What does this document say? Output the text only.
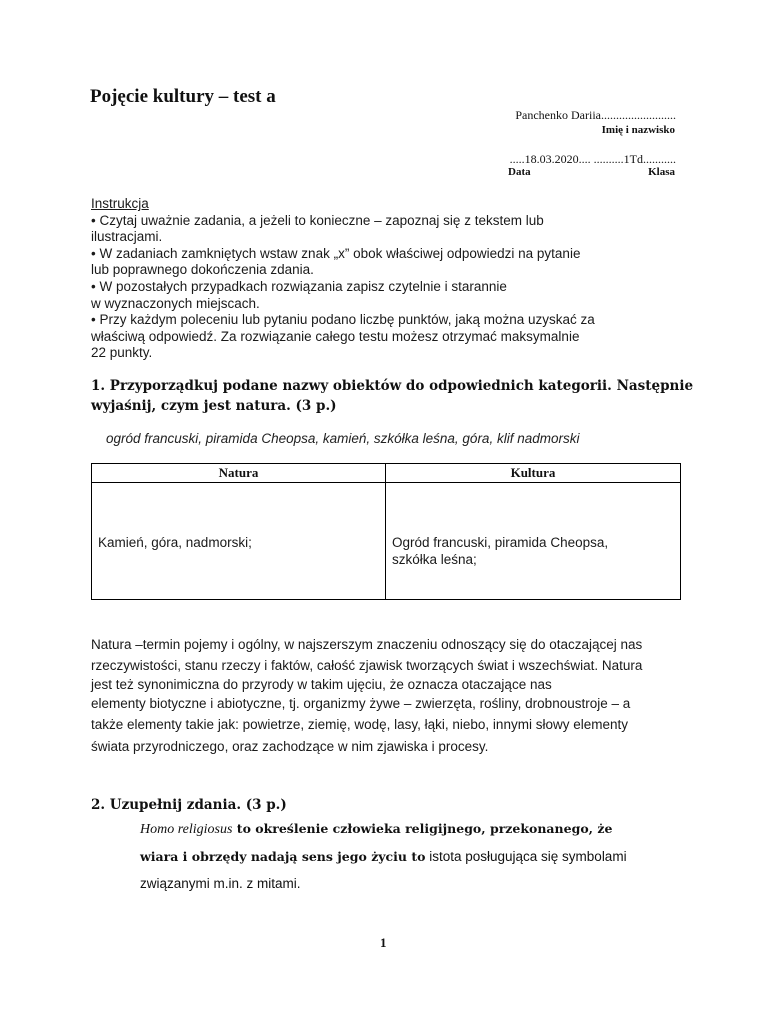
Pojęcie kultury – test a
Panchenko Dariia.........................
Imię i nazwisko
.....18.03.2020.... ..........1Td...........
Data	Klasa
Instrukcja
• Czytaj uważnie zadania, a jeżeli to konieczne – zapoznaj się z tekstem lub
ilustracjami.
• W zadaniach zamkniętych wstaw znak „x” obok właściwej odpowiedzi na pytanie
lub poprawnego dokończenia zdania.
• W pozostałych przypadkach rozwiązania zapisz czytelnie i starannie
w wyznaczonych miejscach.
• Przy każdym poleceniu lub pytaniu podano liczbę punktów, jaką można uzyskać za
właściwą odpowiedź. Za rozwiązanie całego testu możesz otrzymać maksymalnie
22 punkty.
1. Przyporządkuj podane nazwy obiektów do odpowiednich kategorii. Następnie
wyjaśnij, czym jest natura. (3 p.)
ogród francuski, piramida Cheopsa, kamień, szkółka leśna, góra, klif nadmorski
Natura	Kultura

Kamień, góra, nadmorski;	Ogród francuski, piramida Cheopsa,
szkółka leśna;
Natura –termin pojemy i ogólny, w najszerszym znaczeniu odnoszący się do otaczającej nas
rzeczywistości, stanu rzeczy i faktów, całość zjawisk tworzących świat i wszechświat. Natura
jest też synonimiczna do przyrody w takim ujęciu, że oznacza otaczające nas
elementy biotyczne i abiotyczne, tj. organizmy żywe – zwierzęta, rośliny, drobnoustroje – a
także elementy takie jak: powietrze, ziemię, wodę, lasy, łąki, niebo, innymi słowy elementy
świata przyrodniczego, oraz zachodzące w nim zjawiska i procesy.
2. Uzupełnij zdania. (3 p.)
Homo religiosus to określenie człowieka religijnego, przekonanego, że
wiara i obrzędy nadają sens jego życiu to istota posługująca się symbolami
związanymi m.in. z mitami.
1
